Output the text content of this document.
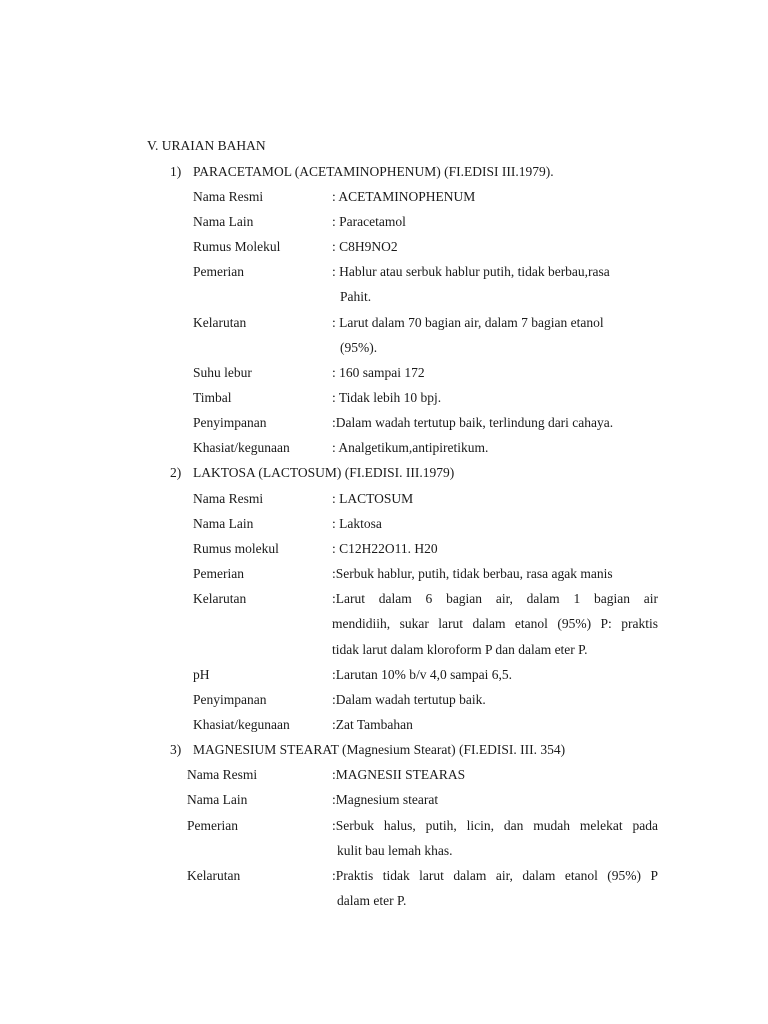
V. URAIAN BAHAN
1) PARACETAMOL (ACETAMINOPHENUM) (FI.EDISI III.1979).
Nama Resmi	: ACETAMINOPHENUM
Nama Lain	: Paracetamol
Rumus Molekul	: C8H9NO2
Pemerian	: Hablur atau serbuk hablur putih, tidak berbau,rasa
Pahit.
Kelarutan	: Larut dalam 70 bagian air, dalam 7 bagian etanol
(95%).
Suhu lebur	: 160 sampai 172
Timbal	: Tidak lebih 10 bpj.
Penyimpanan	:Dalam wadah tertutup baik, terlindung dari cahaya.
Khasiat/kegunaan	: Analgetikum,antipiretikum.
2) LAKTOSA (LACTOSUM) (FI.EDISI. III.1979)
Nama Resmi	: LACTOSUM
Nama Lain	: Laktosa
Rumus molekul	: C12H22O11. H20
Pemerian	:Serbuk hablur, putih, tidak berbau, rasa agak manis
Kelarutan	:Larut dalam 6 bagian air, dalam 1 bagian air
mendidiih, sukar larut dalam etanol (95%) P: praktis
tidak larut dalam kloroform P dan dalam eter P.
pH	:Larutan 10% b/v 4,0 sampai 6,5.
Penyimpanan	:Dalam wadah tertutup baik.
Khasiat/kegunaan	:Zat Tambahan
3) MAGNESIUM STEARAT (Magnesium Stearat) (FI.EDISI. III. 354)
Nama Resmi	:MAGNESII STEARAS
Nama Lain	:Magnesium stearat
Pemerian	:Serbuk halus, putih, licin, dan mudah melekat pada
kulit bau lemah khas.
Kelarutan	:Praktis tidak larut dalam air, dalam etanol (95%) P
dalam eter P.
